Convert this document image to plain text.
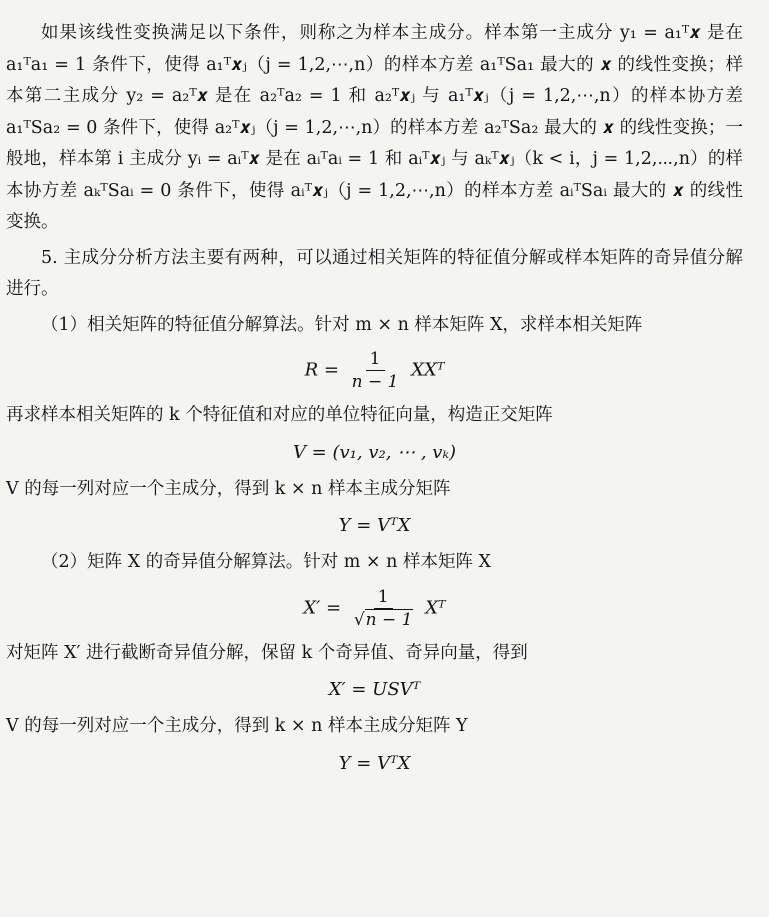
如果该线性变换满足以下条件，则称之为样本主成分。样本第一主成分 y₁ = a₁ᵀ𝒙 是在 a₁ᵀa₁ = 1 条件下，使得 a₁ᵀ𝒙ⱼ（j = 1,2,⋯,n）的样本方差 a₁ᵀSa₁ 最大的 𝒙 的线性变换；样本第二主成分 y₂ = a₂ᵀ𝒙 是在 a₂ᵀa₂ = 1 和 a₂ᵀ𝒙ⱼ 与 a₁ᵀ𝒙ⱼ（j = 1,2,⋯,n）的样本协方差 a₁ᵀSa₂ = 0 条件下，使得 a₂ᵀ𝒙ⱼ（j = 1,2,⋯,n）的样本方差 a₂ᵀSa₂ 最大的 𝒙 的线性变换；一般地，样本第 i 主成分 yᵢ = aᵢᵀ𝒙 是在 aᵢᵀaᵢ = 1 和 aᵢᵀ𝒙ⱼ 与 aₖᵀ𝒙ⱼ（k < i，j = 1,2,⋯,n）的样本协方差 aₖᵀSaᵢ = 0 条件下，使得 aᵢᵀ𝒙ⱼ（j = 1,2,⋯,n）的样本方差 aᵢᵀSaᵢ 最大的 𝒙 的线性变换。

5. 主成分分析方法主要有两种，可以通过相关矩阵的特征值分解或样本矩阵的奇异值分解进行。

（1）相关矩阵的特征值分解算法。针对 m × n 样本矩阵 X，求样本相关矩阵

$R = \frac{1}{n - 1}$ XXᵀ

再求样本相关矩阵的 k 个特征值和对应的单位特征向量，构造正交矩阵

V = (v₁, v₂, ⋯ , vₖ)

V 的每一列对应一个主成分，得到 k × n 样本主成分矩阵

Y = VᵀX

（2）矩阵 X 的奇异值分解算法。针对 m × n 样本矩阵 X

$X' = \frac{1}{√n - 1}$ Xᵀ

对矩阵 X′ 进行截断奇异值分解，保留 k 个奇异值、奇异向量，得到

X′ = USVᵀ

V 的每一列对应一个主成分，得到 k × n 样本主成分矩阵 Y

Y = VᵀX
